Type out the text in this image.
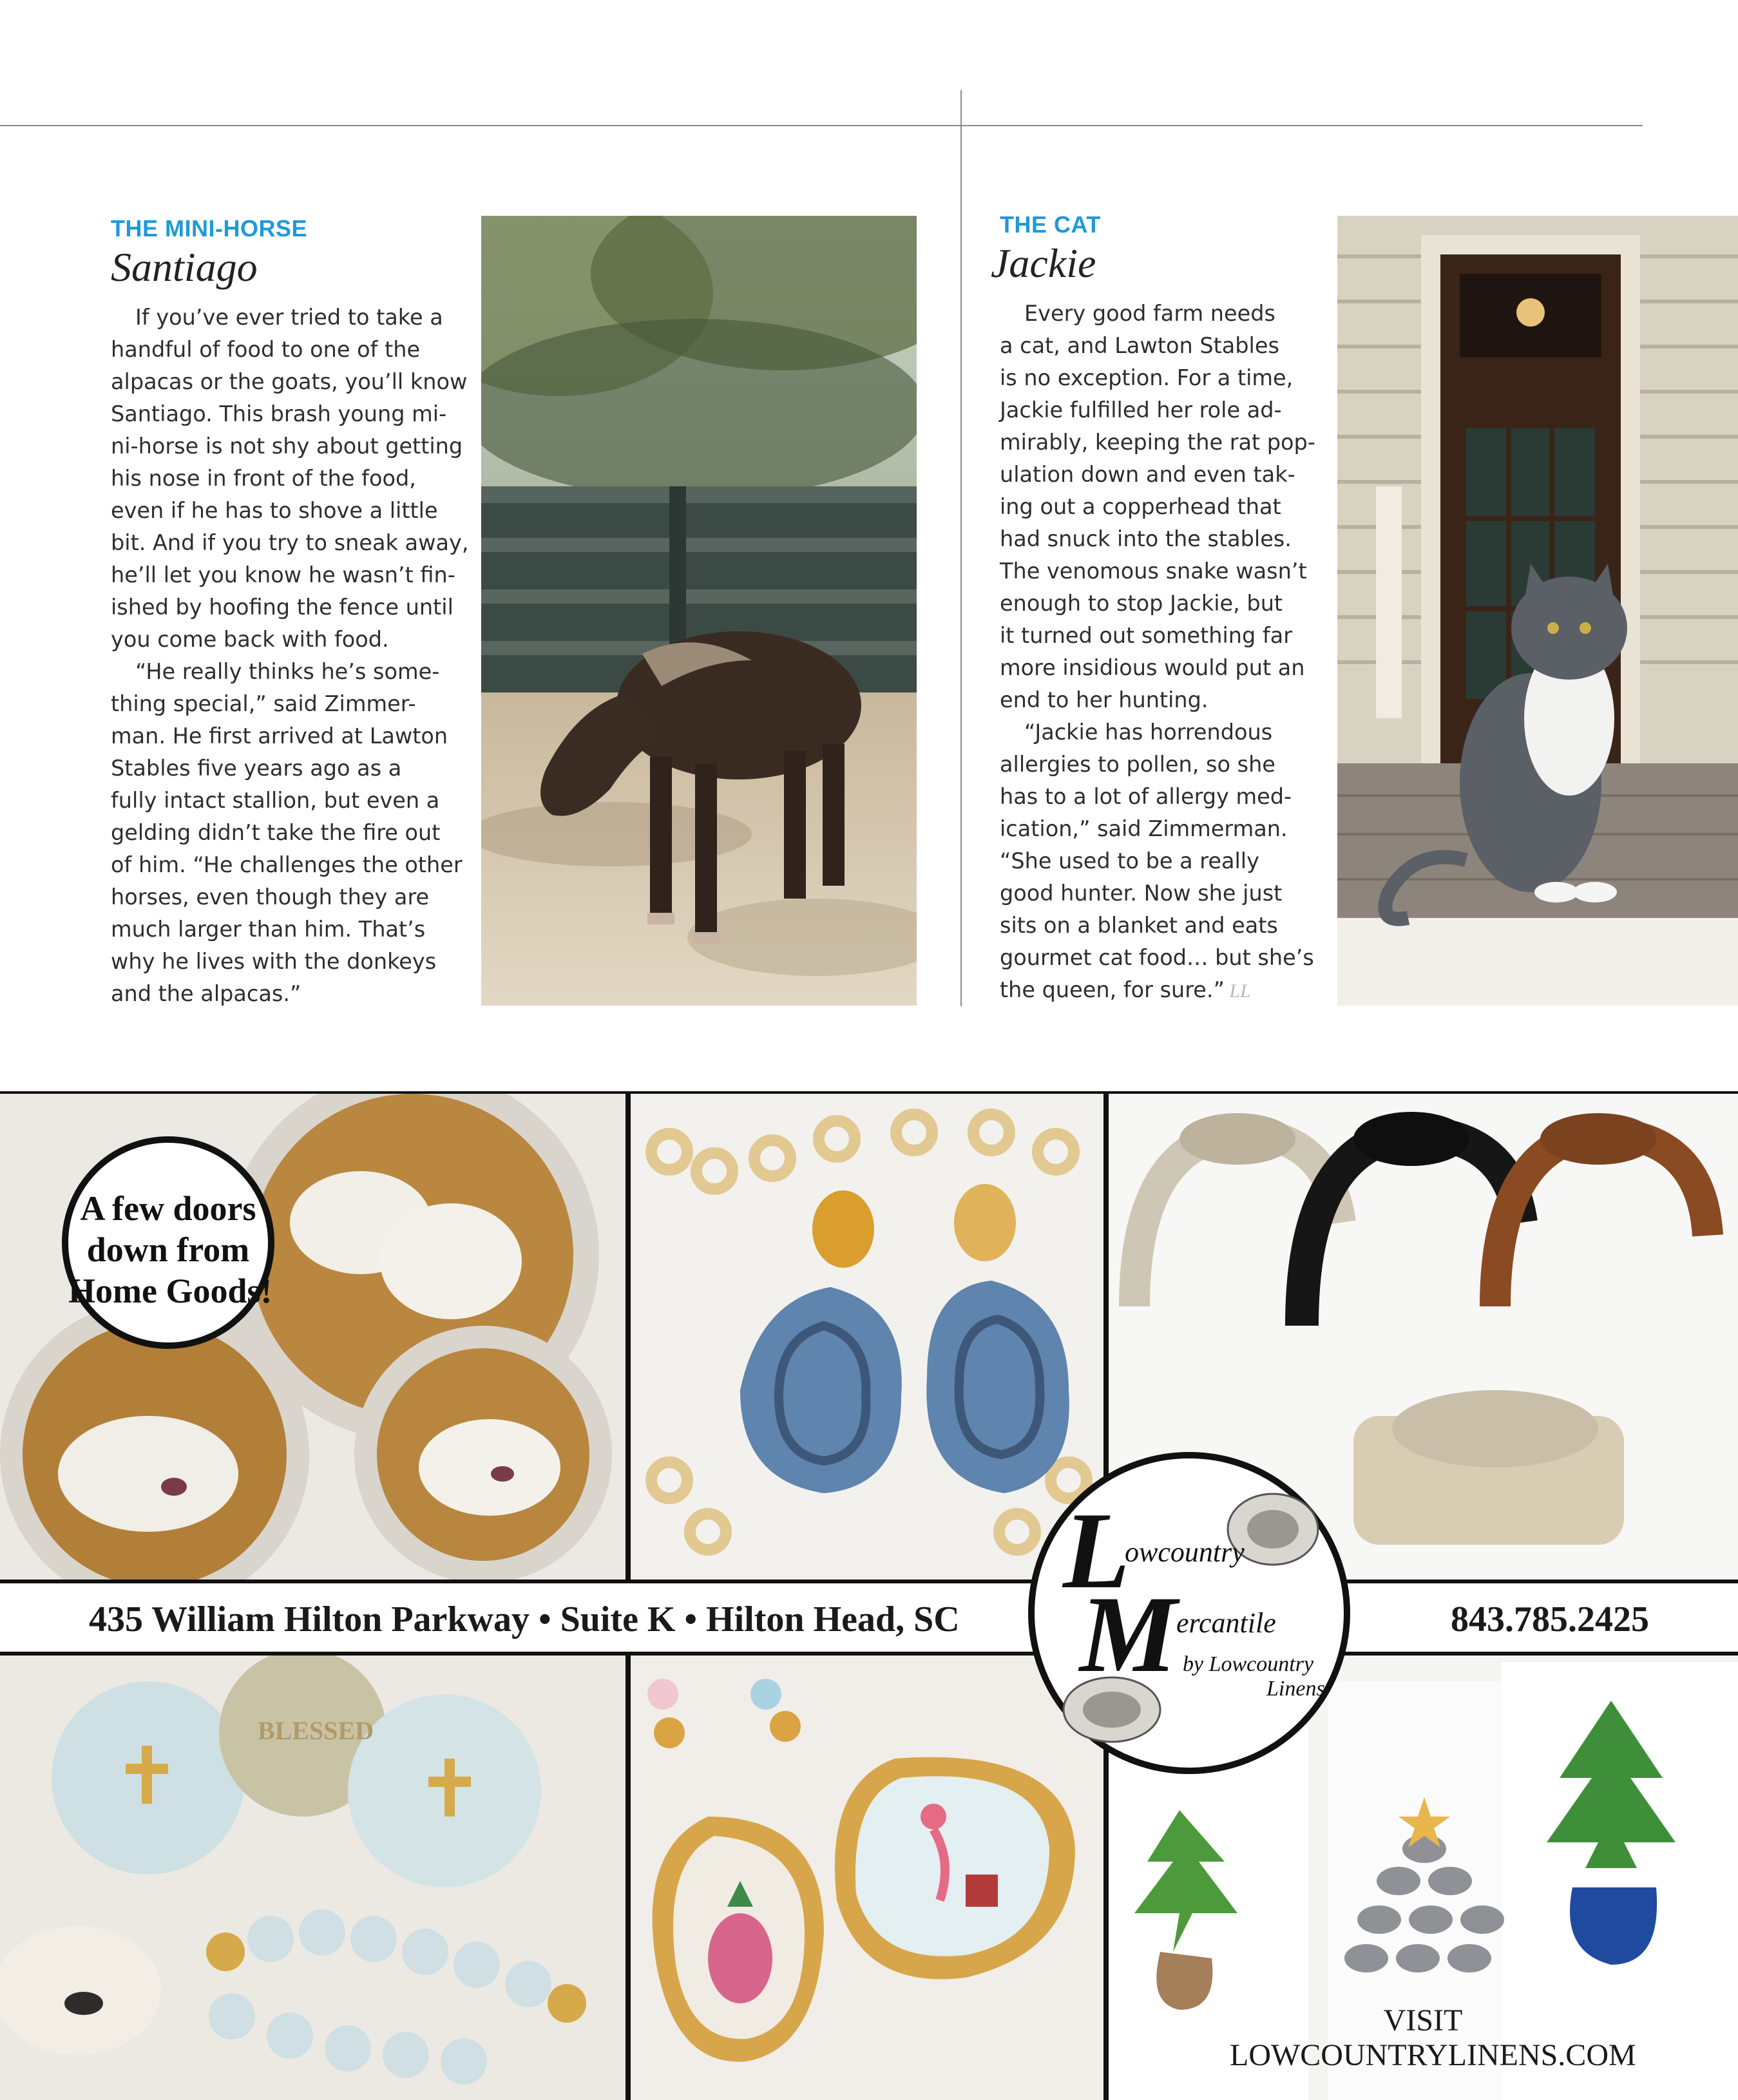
THE MINI-HORSE
Santiago

If you’ve ever tried to take a
handful of food to one of the
alpacas or the goats, you’ll know
Santiago. This brash young mi-
ni-horse is not shy about getting
his nose in front of the food,
even if he has to shove a little
bit. And if you try to sneak away,
he’ll let you know he wasn’t fin-
ished by hoofing the fence until
you come back with food.

“He really thinks he’s some-
thing special,” said Zimmer-
man. He first arrived at Lawton
Stables five years ago as a
fully intact stallion, but even a
gelding didn’t take the fire out
of him. “He challenges the other
horses, even though they are
much larger than him. That’s
why he lives with the donkeys
and the alpacas.”

THE CAT
Jackie

Every good farm needs
a cat, and Lawton Stables
is no exception. For a time,
Jackie fulfilled her role ad-
mirably, keeping the rat pop-
ulation down and even tak-
ing out a copperhead that
had snuck into the stables.
The venomous snake wasn’t
enough to stop Jackie, but
it turned out something far
more insidious would put an
end to her hunting.

“Jackie has horrendous
allergies to pollen, so she
has to a lot of allergy med-
ication,” said Zimmerman.
“She used to be a really
good hunter. Now she just
sits on a blanket and eats
gourmet cat food… but she’s
the queen, for sure.” LL

A few doors
down from
Home Goods!
435 William Hilton Parkway • Suite K • Hilton Head, SC	843.785.2425
BLESSED
VISIT
LOWCOUNTRYLINENS.COM
L
owcountry
M
ercantile
by Lowcountry
Linens
